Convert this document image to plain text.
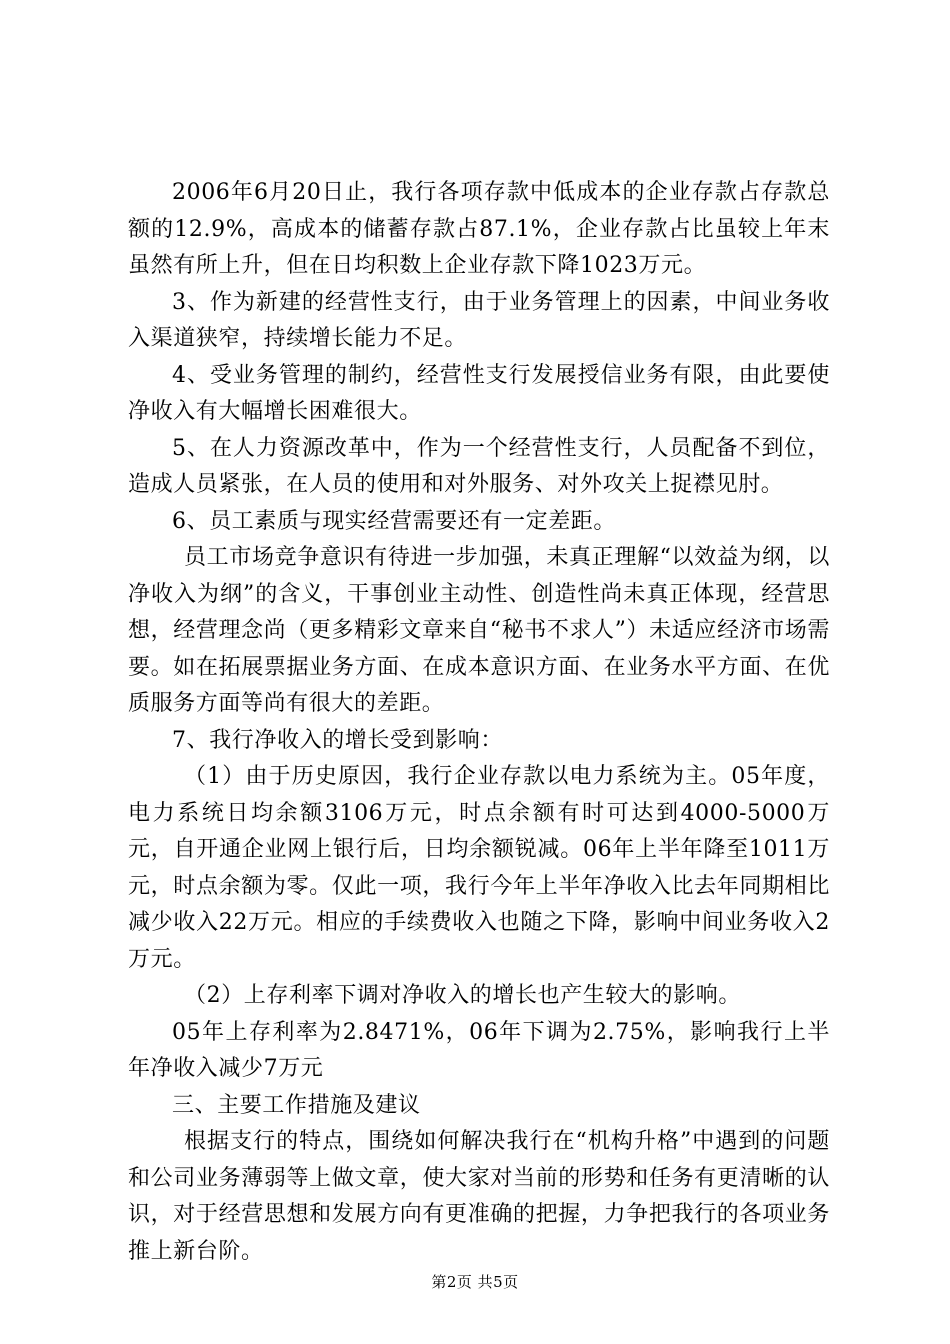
2006年6月20日止，我行各项存款中低成本的企业存款占存款总额的12.9%，高成本的储蓄存款占87.1%，企业存款占比虽较上年末虽然有所上升，但在日均积数上企业存款下降1023万元。

3、作为新建的经营性支行，由于业务管理上的因素，中间业务收入渠道狭窄，持续增长能力不足。

4、受业务管理的制约，经营性支行发展授信业务有限，由此要使净收入有大幅增长困难很大。

5、在人力资源改革中，作为一个经营性支行，人员配备不到位，造成人员紧张，在人员的使用和对外服务、对外攻关上捉襟见肘。

6、员工素质与现实经营需要还有一定差距。

员工市场竞争意识有待进一步加强，未真正理解“以效益为纲，以净收入为纲”的含义，干事创业主动性、创造性尚未真正体现，经营思想，经营理念尚（更多精彩文章来自“秘书不求人”）未适应经济市场需要。如在拓展票据业务方面、在成本意识方面、在业务水平方面、在优质服务方面等尚有很大的差距。

7、我行净收入的增长受到影响：

（1）由于历史原因，我行企业存款以电力系统为主。05年度，电力系统日均余额3106万元，时点余额有时可达到4000-5000万元，自开通企业网上银行后，日均余额锐减。06年上半年降至1011万元，时点余额为零。仅此一项，我行今年上半年净收入比去年同期相比减少收入22万元。相应的手续费收入也随之下降，影响中间业务收入2万元。

（2）上存利率下调对净收入的增长也产生较大的影响。

05年上存利率为2.8471%，06年下调为2.75%，影响我行上半年净收入减少7万元

三、主要工作措施及建议

根据支行的特点，围绕如何解决我行在“机构升格”中遇到的问题和公司业务薄弱等上做文章，使大家对当前的形势和任务有更清晰的认识，对于经营思想和发展方向有更准确的把握，力争把我行的各项业务推上新台阶。

第2页 共5页
